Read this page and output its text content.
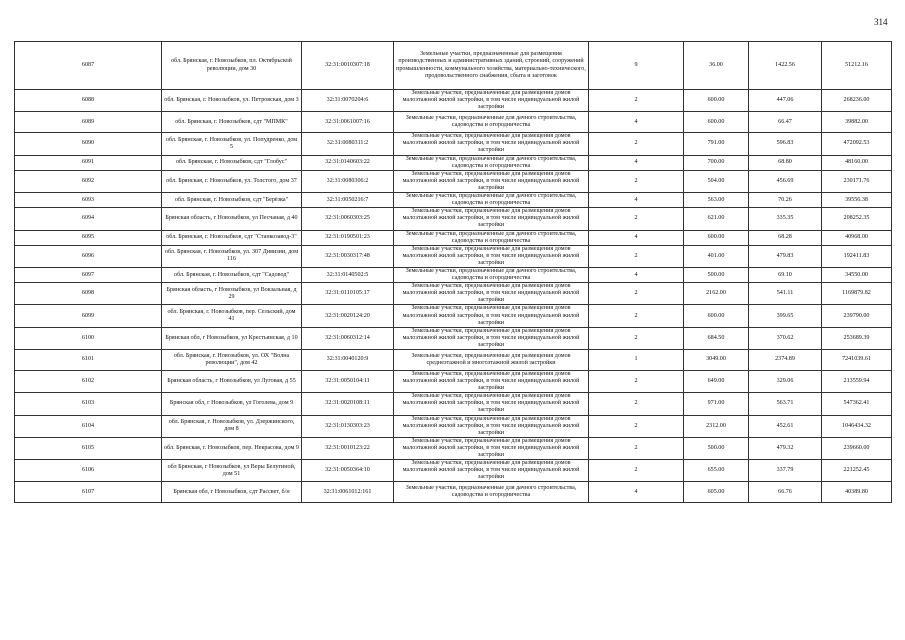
314
6087	обл. Брянская, г. Новозыбков, пл. Октябрьской революции, дом 30	32:31:0010307:18	Земельные участки, предназначенные для размещения производственных и административных зданий, строений, сооружений промышленности, коммунального хозяйства, материально-технического, продовольственного снабжения, сбыта и заготовок	9	36.00	1422.56	51212.16
6088	обл. Брянская, г. Новозыбков, ул. Петровская, дом 3	32:31:0070204:6	Земельные участки, предназначенные для размещения домов малоэтажной жилой застройки, в том числе индивидуальной жилой застройки	2	600.00	447.06	268236.00
6089	обл. Брянская, г. Новозыбков, сдт "МПМК"	32:31:0061007:16	Земельные участки, предназначенные для дачного строительства, садоводства и огородничества	4	600.00	66.47	39882.00
6090	обл. Брянская, г. Новозыбков, ул. Попудренко, дом 5	32:31:0080311:2	Земельные участки, предназначенные для размещения домов малоэтажной жилой застройки, в том числе индивидуальной жилой застройки	2	791.00	596.83	472092.53
6091	обл. Брянская, г. Новозыбков, сдт "Глобус"	32:31:0140603:22	Земельные участки, предназначенные для дачного строительства, садоводства и огородничества	4	700.00	68.80	48160.00
6092	обл. Брянская, г. Новозыбков, ул. Толстого, дом 37	32:31:0080306:2	Земельные участки, предназначенные для размещения домов малоэтажной жилой застройки, в том числе индивидуальной жилой застройки	2	504.00	456.69	230171.76
6093	обл. Брянская, г. Новозыбков, сдт "Берёзка"	32:31:0050216:7	Земельные участки, предназначенные для дачного строительства, садоводства и огородничества	4	563.00	70.26	39556.38
6094	Брянская область, г Новозыбков, ул Песчаная, д 40	32:31:0060303:25	Земельные участки, предназначенные для размещения домов малоэтажной жилой застройки, в том числе индивидуальной жилой застройки	2	621.00	335.35	208252.35
6095	обл. Брянская, г. Новозыбков, сдт "Станкозавод-3"	32:31:0190501:23	Земельные участки, предназначенные для дачного строительства, садоводства и огородничества	4	600.00	68.28	40968.00
6096	обл. Брянская, г. Новозыбков, ул. 307 Дивизии, дом 116	32:31:0030317:48	Земельные участки, предназначенные для размещения домов малоэтажной жилой застройки, в том числе индивидуальной жилой застройки	2	401.00	479.83	192411.83
6097	обл. Брянская, г. Новозыбков, сдт "Садовод"	32:31:0140502:5	Земельные участки, предназначенные для дачного строительства, садоводства и огородничества	4	500.00	69.10	34550.00
6098	Брянская область, г Новозыбков, ул Вокзальная, д 29	32:31:0110105:17	Земельные участки, предназначенные для размещения домов малоэтажной жилой застройки, в том числе индивидуальной жилой застройки	2	2162.00	541.11	1169879.82
6099	обл. Брянская, г. Новозыбков, пер. Сельский, дом 41	32:31:0020124:20	Земельные участки, предназначенные для размещения домов малоэтажной жилой застройки, в том числе индивидуальной жилой застройки	2	600.00	399.65	239790.00
6100	Брянская обл, г Новозыбков, ул Крестьянская, д 10	32:31:0060312:14	Земельные участки, предназначенные для размещения домов малоэтажной жилой застройки, в том числе индивидуальной жилой застройки	2	684.50	370.62	253689.39
6101	обл. Брянская, г. Новозыбков, ул. ОХ "Волна революции", дом 42	32:31:0040120:9	Земельные участки, предназначенные для размещения домов среднеэтажной и многоэтажной жилой застройки	1	3049.00	2374.89	7241039.61
6102	Брянская область, г Новозыбков, ул Луговая, д 55	32:31:0050104:11	Земельные участки, предназначенные для размещения домов малоэтажной жилой застройки, в том числе индивидуальной жилой застройки	2	649.00	329.06	213559.94
6103	Брянская обл, г Новозыбков, ул Гоголева, дом 9	32:31:0020108:11	Земельные участки, предназначенные для размещения домов малоэтажной жилой застройки, в том числе индивидуальной жилой застройки	2	971.00	563.71	547362.41
6104	обл. Брянская, г. Новозыбков, ул. Дзержинского, дом 8	32:31:0130303:23	Земельные участки, предназначенные для размещения домов малоэтажной жилой застройки, в том числе индивидуальной жилой застройки	2	2312.00	452.61	1046434.32
6105	обл. Брянская, г. Новозыбков, пер. Некрасова, дом 9	32:31:0010123:22	Земельные участки, предназначенные для размещения домов малоэтажной жилой застройки, в том числе индивидуальной жилой застройки	2	500.00	479.32	239660.00
6106	обл Брянская, г Новозыбков, ул Веры Белуғиной, дом 51	32:31:0050364:10	Земельные участки, предназначенные для размещения домов малоэтажной жилой застройки, в том числе индивидуальной жилой застройки	2	655.00	337.79	221252.45
6107	Брянская обл, г Новозыбков, сдт Рассвет, б/н	32:31:0061012:161	Земельные участки, предназначенные для дачного строительства, садоводства и огородничества	4	605.00	66.76	40389.80
